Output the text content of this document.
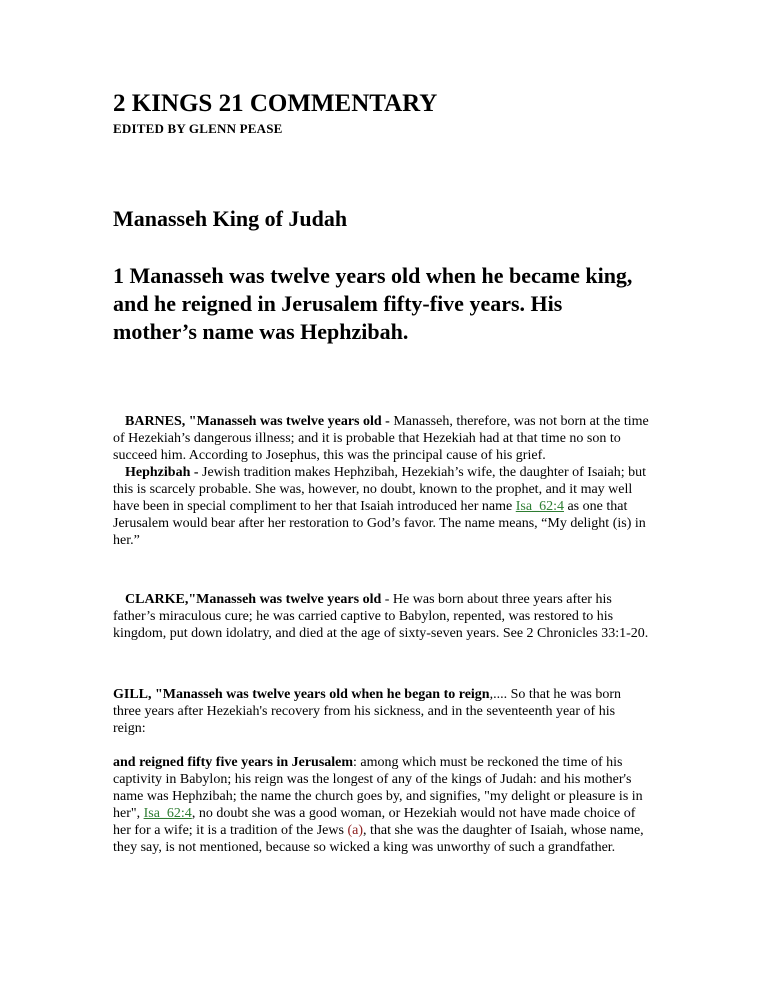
2 KINGS 21 COMMENTARY
EDITED BY GLENN PEASE
Manasseh King of Judah
1 Manasseh was twelve years old when he became king, and he reigned in Jerusalem fifty-five years. His mother’s name was Hephzibah.

BARNES, "Manasseh was twelve years old - Manasseh, therefore, was not born at the time of Hezekiah’s dangerous illness; and it is probable that Hezekiah had at that time no son to succeed him. According to Josephus, this was the principal cause of his grief.

Hephzibah - Jewish tradition makes Hephzibah, Hezekiah’s wife, the daughter of Isaiah; but this is scarcely probable. She was, however, no doubt, known to the prophet, and it may well have been in special compliment to her that Isaiah introduced her name Isa_62:4 as one that Jerusalem would bear after her restoration to God’s favor. The name means, “My delight (is) in her.”

CLARKE,"Manasseh was twelve years old - He was born about three years after his father’s miraculous cure; he was carried captive to Babylon, repented, was restored to his kingdom, put down idolatry, and died at the age of sixty-seven years. See 2 Chronicles 33:1-20.

GILL, "Manasseh was twelve years old when he began to reign,.... So that he was born three years after Hezekiah's recovery from his sickness, and in the seventeenth year of his reign:

and reigned fifty five years in Jerusalem: among which must be reckoned the time of his captivity in Babylon; his reign was the longest of any of the kings of Judah: and his mother's name was Hephzibah; the name the church goes by, and signifies, "my delight or pleasure is in her", Isa_62:4, no doubt she was a good woman, or Hezekiah would not have made choice of her for a wife; it is a tradition of the Jews (a), that she was the daughter of Isaiah, whose name, they say, is not mentioned, because so wicked a king was unworthy of such a grandfather.
